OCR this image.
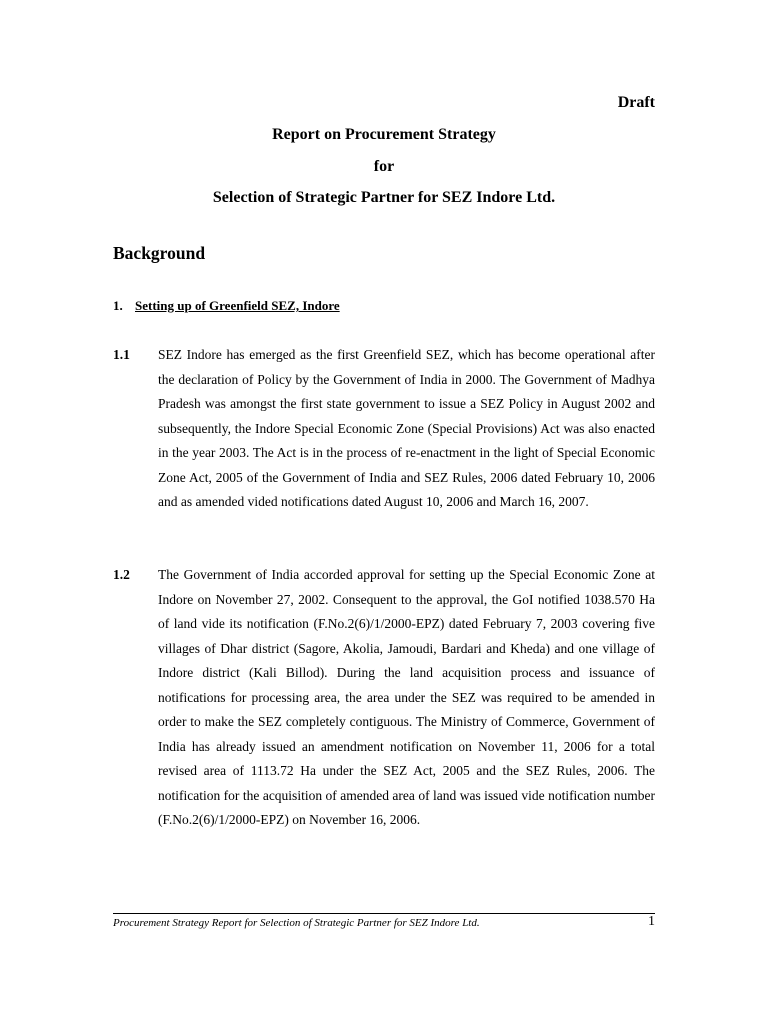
Draft
Report on Procurement Strategy
for
Selection of Strategic Partner for SEZ Indore Ltd.
Background
1. Setting up of Greenfield SEZ, Indore
1.1 SEZ Indore has emerged as the first Greenfield SEZ, which has become operational after the declaration of Policy by the Government of India in 2000. The Government of Madhya Pradesh was amongst the first state government to issue a SEZ Policy in August 2002 and subsequently, the Indore Special Economic Zone (Special Provisions) Act was also enacted in the year 2003. The Act is in the process of re-enactment in the light of Special Economic Zone Act, 2005 of the Government of India and SEZ Rules, 2006 dated February 10, 2006 and as amended vided notifications dated August 10, 2006 and March 16, 2007.
1.2 The Government of India accorded approval for setting up the Special Economic Zone at Indore on November 27, 2002. Consequent to the approval, the GoI notified 1038.570 Ha of land vide its notification (F.No.2(6)/1/2000-EPZ) dated February 7, 2003 covering five villages of Dhar district (Sagore, Akolia, Jamoudi, Bardari and Kheda) and one village of Indore district (Kali Billod). During the land acquisition process and issuance of notifications for processing area, the area under the SEZ was required to be amended in order to make the SEZ completely contiguous. The Ministry of Commerce, Government of India has already issued an amendment notification on November 11, 2006 for a total revised area of 1113.72 Ha under the SEZ Act, 2005 and the SEZ Rules, 2006. The notification for the acquisition of amended area of land was issued vide notification number (F.No.2(6)/1/2000-EPZ) on November 16, 2006.
Procurement Strategy Report for Selection of Strategic Partner for SEZ Indore Ltd.	1
